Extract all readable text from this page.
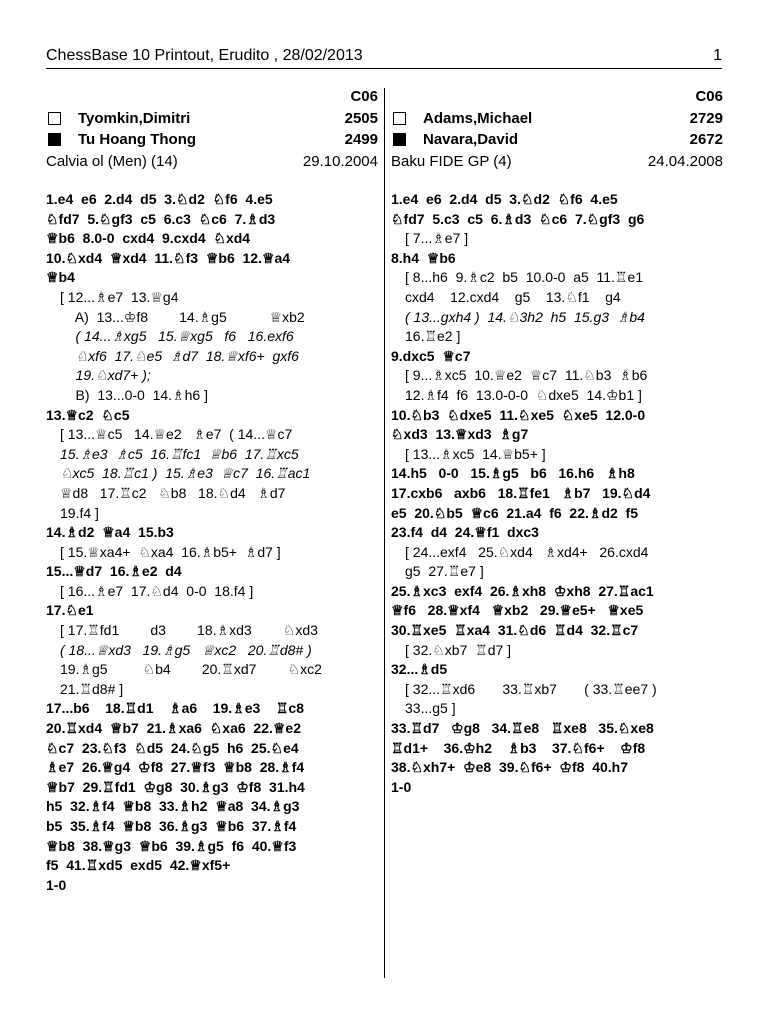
ChessBase 10 Printout, Erudito , 28/02/2013	1
C06
Tyomkin,Dimitri	2505
Tu Hoang Thong	2499
Calvia ol (Men) (14)	29.10.2004
1.e4  e6  2.d4  d5  3.♘d2  ♘f6  4.e5
♘fd7  5.♘gf3  c5  6.c3  ♘c6  7.♗d3
♕b6  8.0-0  cxd4  9.cxd4  ♘xd4
10.♘xd4  ♕xd4  11.♘f3  ♕b6  12.♕a4
♕b4
[ 12...♗e7  13.♕g4
A)  13...♔f8        14.♗g5           ♕xb2
( 14...♗xg5   15.♕xg5   f6   16.exf6
♘xf6  17.♘e5  ♗d7  18.♕xf6+  gxf6
19.♘xd7+ );
B)  13...0-0  14.♗h6 ]
13.♕c2  ♘c5
[ 13...♕c5   14.♕e2   ♗e7  ( 14...♕c7
15.♗e3  ♗c5  16.♖fc1  ♕b6  17.♖xc5
♘xc5  18.♖c1 )  15.♗e3  ♕c7  16.♖ac1
♕d8   17.♖c2   ♘b8   18.♘d4   ♗d7
19.f4 ]
14.♗d2  ♕a4  15.b3
[ 15.♕xa4+  ♘xa4  16.♗b5+  ♗d7 ]
15...♕d7  16.♗e2  d4
[ 16...♗e7  17.♘d4  0-0  18.f4 ]
17.♘e1
[ 17.♖fd1        d3        18.♗xd3        ♘xd3
( 18...♕xd3   19.♗g5   ♕xc2   20.♖d8# )
19.♗g5         ♘b4        20.♖xd7        ♘xc2
21.♖d8# ]
17...b6    18.♖d1    ♗a6    19.♗e3    ♖c8
20.♖xd4  ♕b7  21.♗xa6  ♘xa6  22.♕e2
♘c7  23.♘f3  ♘d5  24.♘g5  h6  25.♘e4
♗e7  26.♕g4  ♔f8  27.♕f3  ♕b8  28.♗f4
♕b7  29.♖fd1  ♔g8  30.♗g3  ♔f8  31.h4
h5  32.♗f4  ♕b8  33.♗h2  ♕a8  34.♗g3
b5  35.♗f4  ♕b8  36.♗g3  ♕b6  37.♗f4
♕b8  38.♕g3  ♕b6  39.♗g5  f6  40.♕f3
f5  41.♖xd5  exd5  42.♕xf5+
1-0
C06
Adams,Michael	2729
Navara,David	2672
Baku FIDE GP (4)	24.04.2008
1.e4  e6  2.d4  d5  3.♘d2  ♘f6  4.e5
♘fd7  5.c3  c5  6.♗d3  ♘c6  7.♘gf3  g6
[ 7...♗e7 ]
8.h4  ♕b6
[ 8...h6  9.♗c2  b5  10.0-0  a5  11.♖e1
cxd4    12.cxd4    g5    13.♘f1    g4
( 13...gxh4 )  14.♘3h2  h5  15.g3  ♗b4
16.♖e2 ]
9.dxc5  ♕c7
[ 9...♗xc5  10.♕e2  ♕c7  11.♘b3  ♗b6
12.♗f4  f6  13.0-0-0  ♘dxe5  14.♔b1 ]
10.♘b3  ♘dxe5  11.♘xe5  ♘xe5  12.0-0
♘xd3  13.♕xd3  ♗g7
[ 13...♗xc5  14.♕b5+ ]
14.h5   0-0   15.♗g5   b6   16.h6   ♗h8
17.cxb6   axb6   18.♖fe1   ♗b7   19.♘d4
e5  20.♘b5  ♕c6  21.a4  f6  22.♗d2  f5
23.f4  d4  24.♕f1  dxc3
[ 24...exf4   25.♘xd4   ♗xd4+   26.cxd4
g5  27.♖e7 ]
25.♗xc3  exf4  26.♗xh8  ♔xh8  27.♖ac1
♕f6   28.♕xf4   ♕xb2   29.♕e5+   ♕xe5
30.♖xe5  ♖xa4  31.♘d6  ♖d4  32.♖c7
[ 32.♘xb7  ♖d7 ]
32...♗d5
[ 32...♖xd6       33.♖xb7       ( 33.♖ee7 )
33...g5 ]
33.♖d7   ♔g8   34.♖e8   ♖xe8   35.♘xe8
♖d1+    36.♔h2    ♗b3    37.♘f6+    ♔f8
38.♘xh7+  ♔e8  39.♘f6+  ♔f8  40.h7
1-0
